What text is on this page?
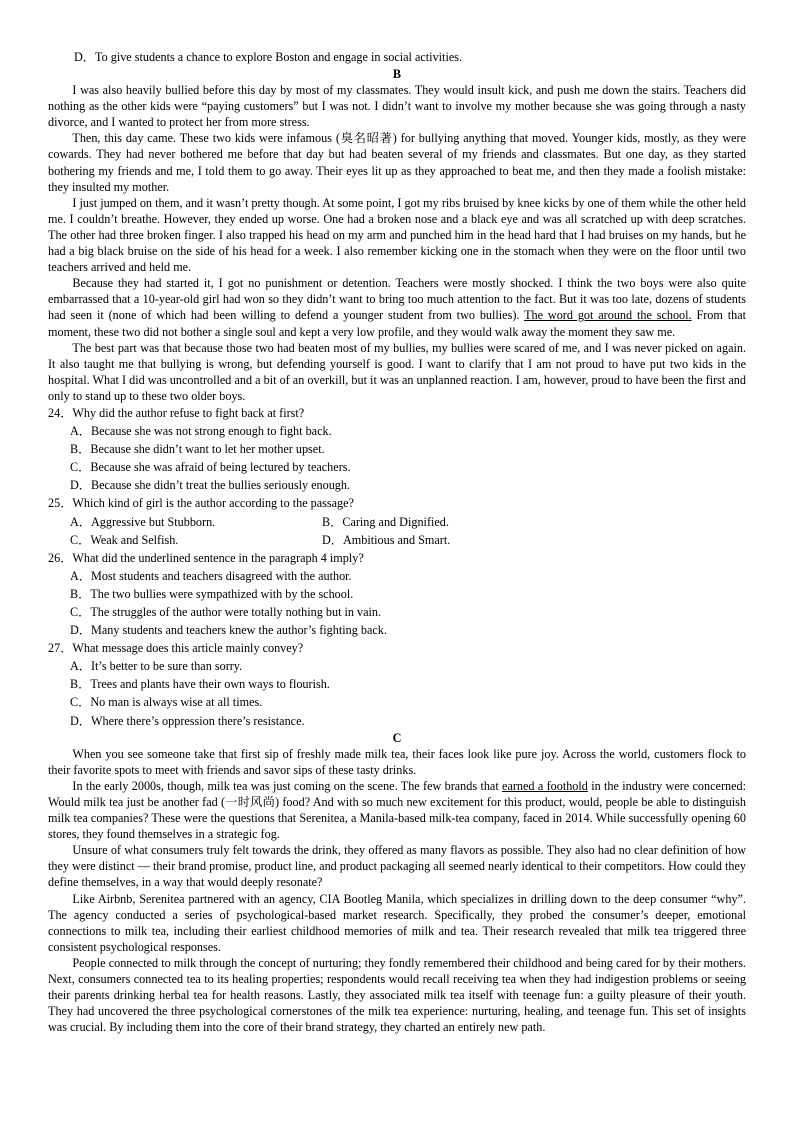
D．To give students a chance to explore Boston and engage in social activities.
B

I was also heavily bullied before this day by most of my classmates. They would insult kick, and push me down the stairs. Teachers did nothing as the other kids were “paying customers” but I was not. I didn’t want to involve my mother because she was going through a nasty divorce, and I wanted to protect her from more stress.

Then, this day came. These two kids were infamous (臭名昭著) for bullying anything that moved. Younger kids, mostly, as they were cowards. They had never bothered me before that day but had beaten several of my friends and classmates. But one day, as they started bothering my friends and me, I told them to go away. Their eyes lit up as they approached to beat me, and then they made a foolish mistake: they insulted my mother.

I just jumped on them, and it wasn’t pretty though. At some point, I got my ribs bruised by knee kicks by one of them while the other held me. I couldn’t breathe. However, they ended up worse. One had a broken nose and a black eye and was all scratched up with deep scratches. The other had three broken finger. I also trapped his head on my arm and punched him in the head hard that I had bruises on my hands, but he had a big black bruise on the side of his head for a week. I also remember kicking one in the stomach when they were on the floor until two teachers arrived and held me.

Because they had started it, I got no punishment or detention. Teachers were mostly shocked. I think the two boys were also quite embarrassed that a 10-year-old girl had won so they didn’t want to bring too much attention to the fact. But it was too late, dozens of students had seen it (none of which had been willing to defend a younger student from two bullies). The word got around the school. From that moment, these two did not bother a single soul and kept a very low profile, and they would walk away the moment they saw me.

The best part was that because those two had beaten most of my bullies, my bullies were scared of me, and I was never picked on again. It also taught me that bullying is wrong, but defending yourself is good. I want to clarify that I am not proud to have put two kids in the hospital. What I did was uncontrolled and a bit of an overkill, but it was an unplanned reaction. I am, however, proud to have been the first and only to stand up to these two older boys.

24．Why did the author refuse to fight back at first?
A．Because she was not strong enough to fight back.
B．Because she didn’t want to let her mother upset.
C．Because she was afraid of being lectured by teachers.
D．Because she didn’t treat the bullies seriously enough.
25．Which kind of girl is the author according to the passage?
A．Aggressive but Stubborn.	B．Caring and Dignified.
C．Weak and Selfish.	D．Ambitious and Smart.
26．What did the underlined sentence in the paragraph 4 imply?
A．Most students and teachers disagreed with the author.
B．The two bullies were sympathized with by the school.
C．The struggles of the author were totally nothing but in vain.
D．Many students and teachers knew the author’s fighting back.
27．What message does this article mainly convey?
A．It’s better to be sure than sorry.
B．Trees and plants have their own ways to flourish.
C．No man is always wise at all times.
D．Where there’s oppression there’s resistance.
C

When you see someone take that first sip of freshly made milk tea, their faces look like pure joy. Across the world, customers flock to their favorite spots to meet with friends and savor sips of these tasty drinks.

In the early 2000s, though, milk tea was just coming on the scene. The few brands that earned a foothold in the industry were concerned: Would milk tea just be another fad (一时风尚) food? And with so much new excitement for this product, would, people be able to distinguish milk tea companies? These were the questions that Serenitea, a Manila-based milk-tea company, faced in 2014. While successfully opening 60 stores, they found themselves in a strategic fog.

Unsure of what consumers truly felt towards the drink, they offered as many flavors as possible. They also had no clear definition of how they were distinct — their brand promise, product line, and product packaging all seemed nearly identical to their competitors. How could they define themselves, in a way that would deeply resonate?

Like Airbnb, Serenitea partnered with an agency, CIA Bootleg Manila, which specializes in drilling down to the deep consumer “why”. The agency conducted a series of psychological-based market research. Specifically, they probed the consumer’s deeper, emotional connections to milk tea, including their earliest childhood memories of milk and tea. Their research revealed that milk tea triggered three consistent psychological responses.

People connected to milk through the concept of nurturing; they fondly remembered their childhood and being cared for by their mothers. Next, consumers connected tea to its healing properties; respondents would recall receiving tea when they had indigestion problems or seeing their parents drinking herbal tea for health reasons. Lastly, they associated milk tea itself with teenage fun: a guilty pleasure of their youth. They had uncovered the three psychological cornerstones of the milk tea experience: nurturing, healing, and teenage fun. This set of insights was crucial. By including them into the core of their brand strategy, they charted an entirely new path.
